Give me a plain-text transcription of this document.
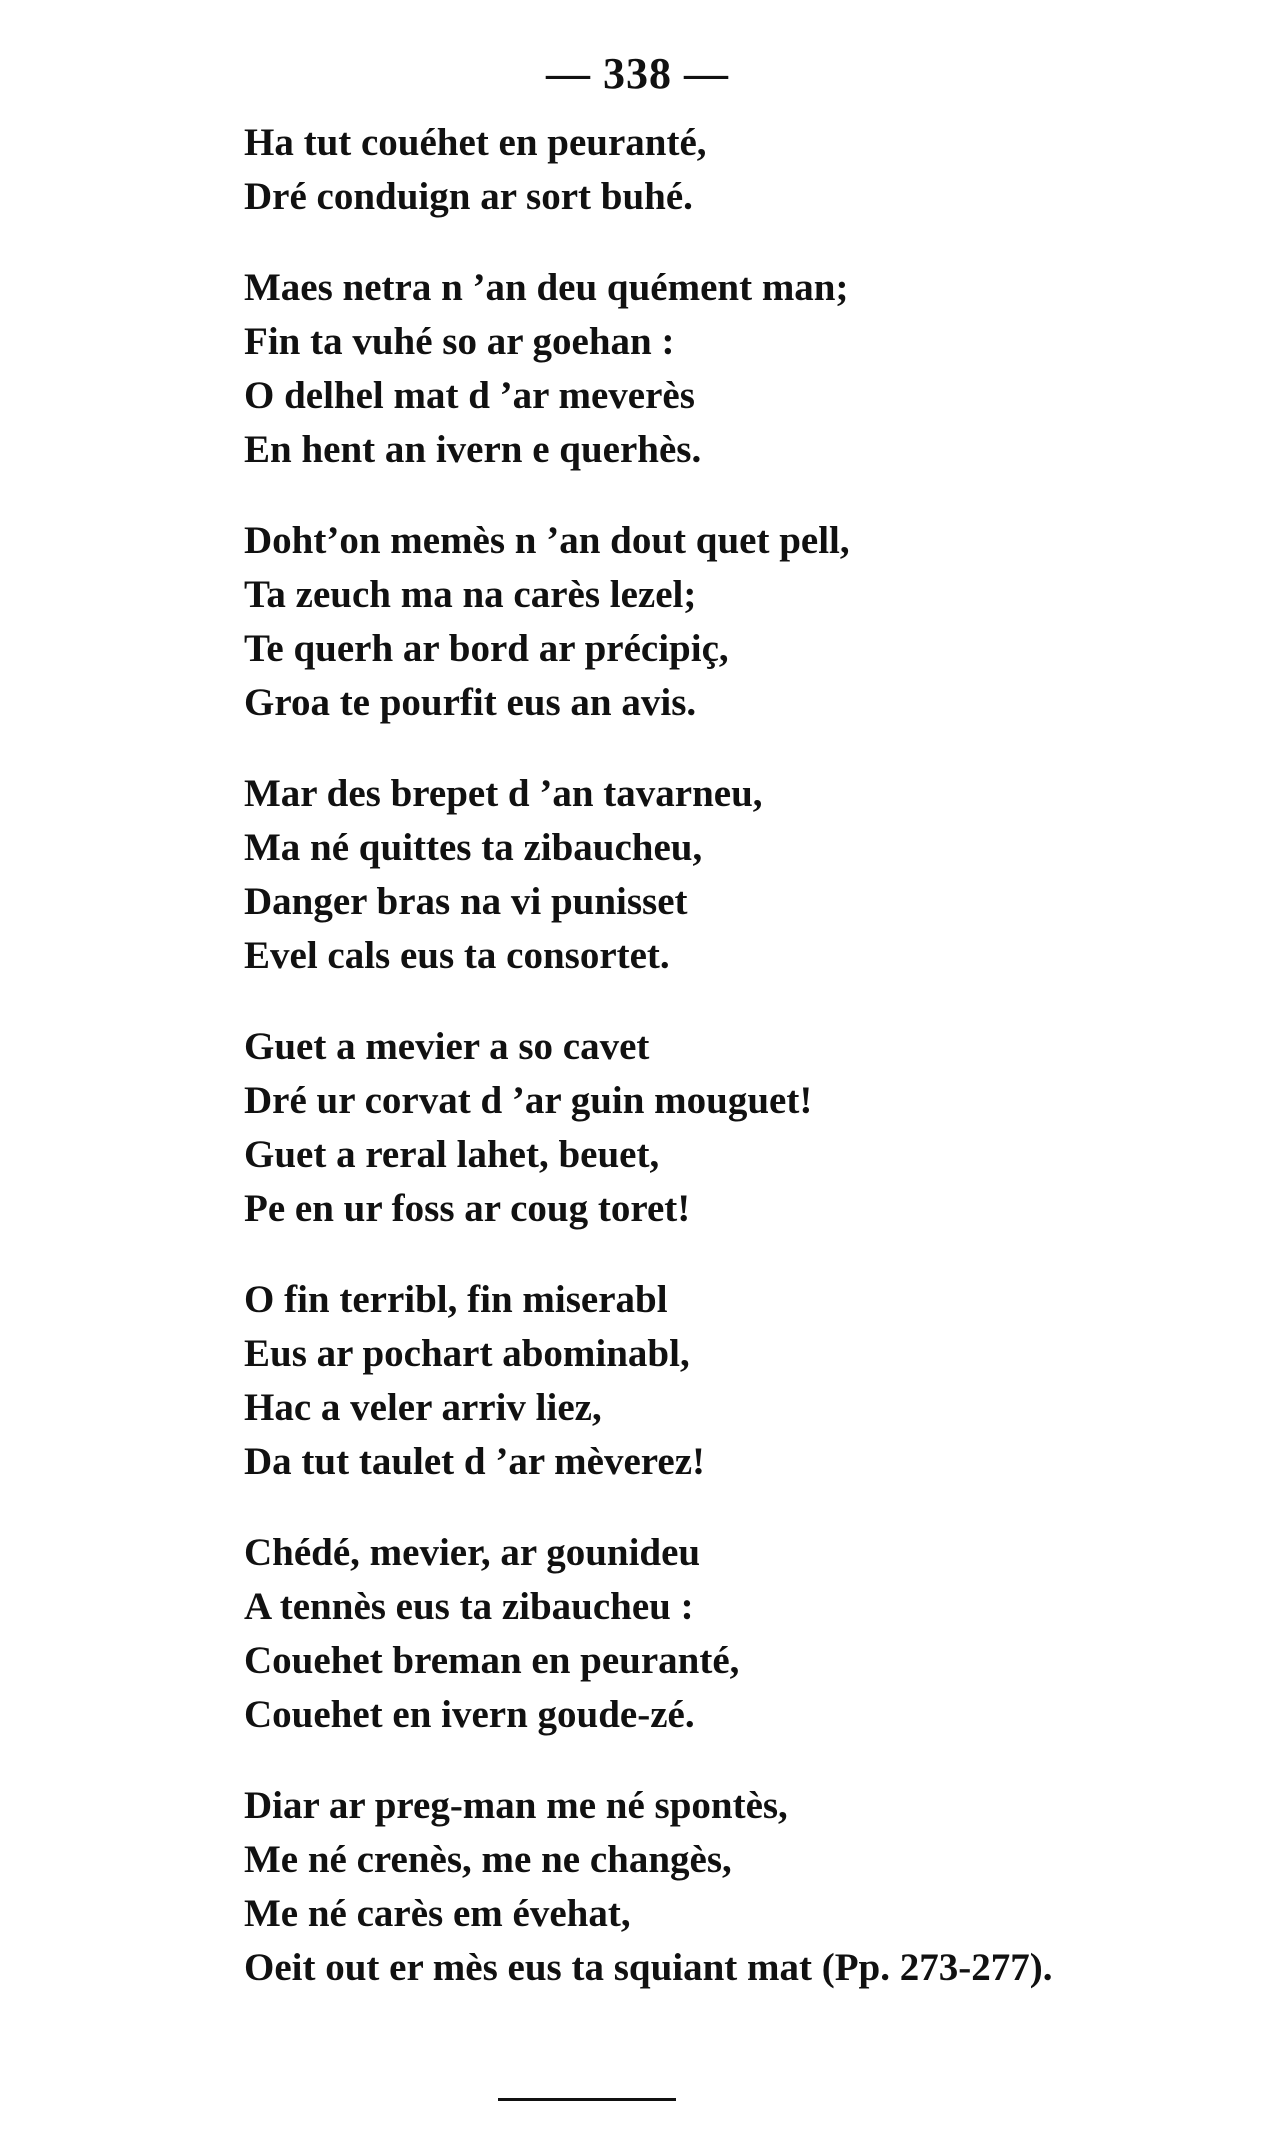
— 338 —
Ha tut couéhet en peuranté,
Dré conduign ar sort buhé.
Maes netra n ’an deu quément man;
Fin ta vuhé so ar goehan :
O delhel mat d ’ar meverès
En hent an ivern e querhès.
Doht’on memès n ’an dout quet pell,
Ta zeuch ma na carès lezel;
Te querh ar bord ar précipiç,
Groa te pourfit eus an avis.
Mar des brepet d ’an tavarneu,
Ma né quittes ta zibaucheu,
Danger bras na vi punisset
Evel cals eus ta consortet.
Guet a mevier a so cavet
Dré ur corvat d ’ar guin mouguet!
Guet a reral lahet, beuet,
Pe en ur foss ar coug toret!
O fin terribl, fin miserabl
Eus ar pochart abominabl,
Hac a veler arriv liez,
Da tut taulet d ’ar mèverez!
Chédé, mevier, ar gounideu
A tennès eus ta zibaucheu :
Couehet breman en peuranté,
Couehet en ivern goude-zé.
Diar ar preg-man me né spontès,
Me né crenès, me ne changès,
Me né carès em évehat,
Oeit out er mès eus ta squiant mat (Pp. 273-277).
